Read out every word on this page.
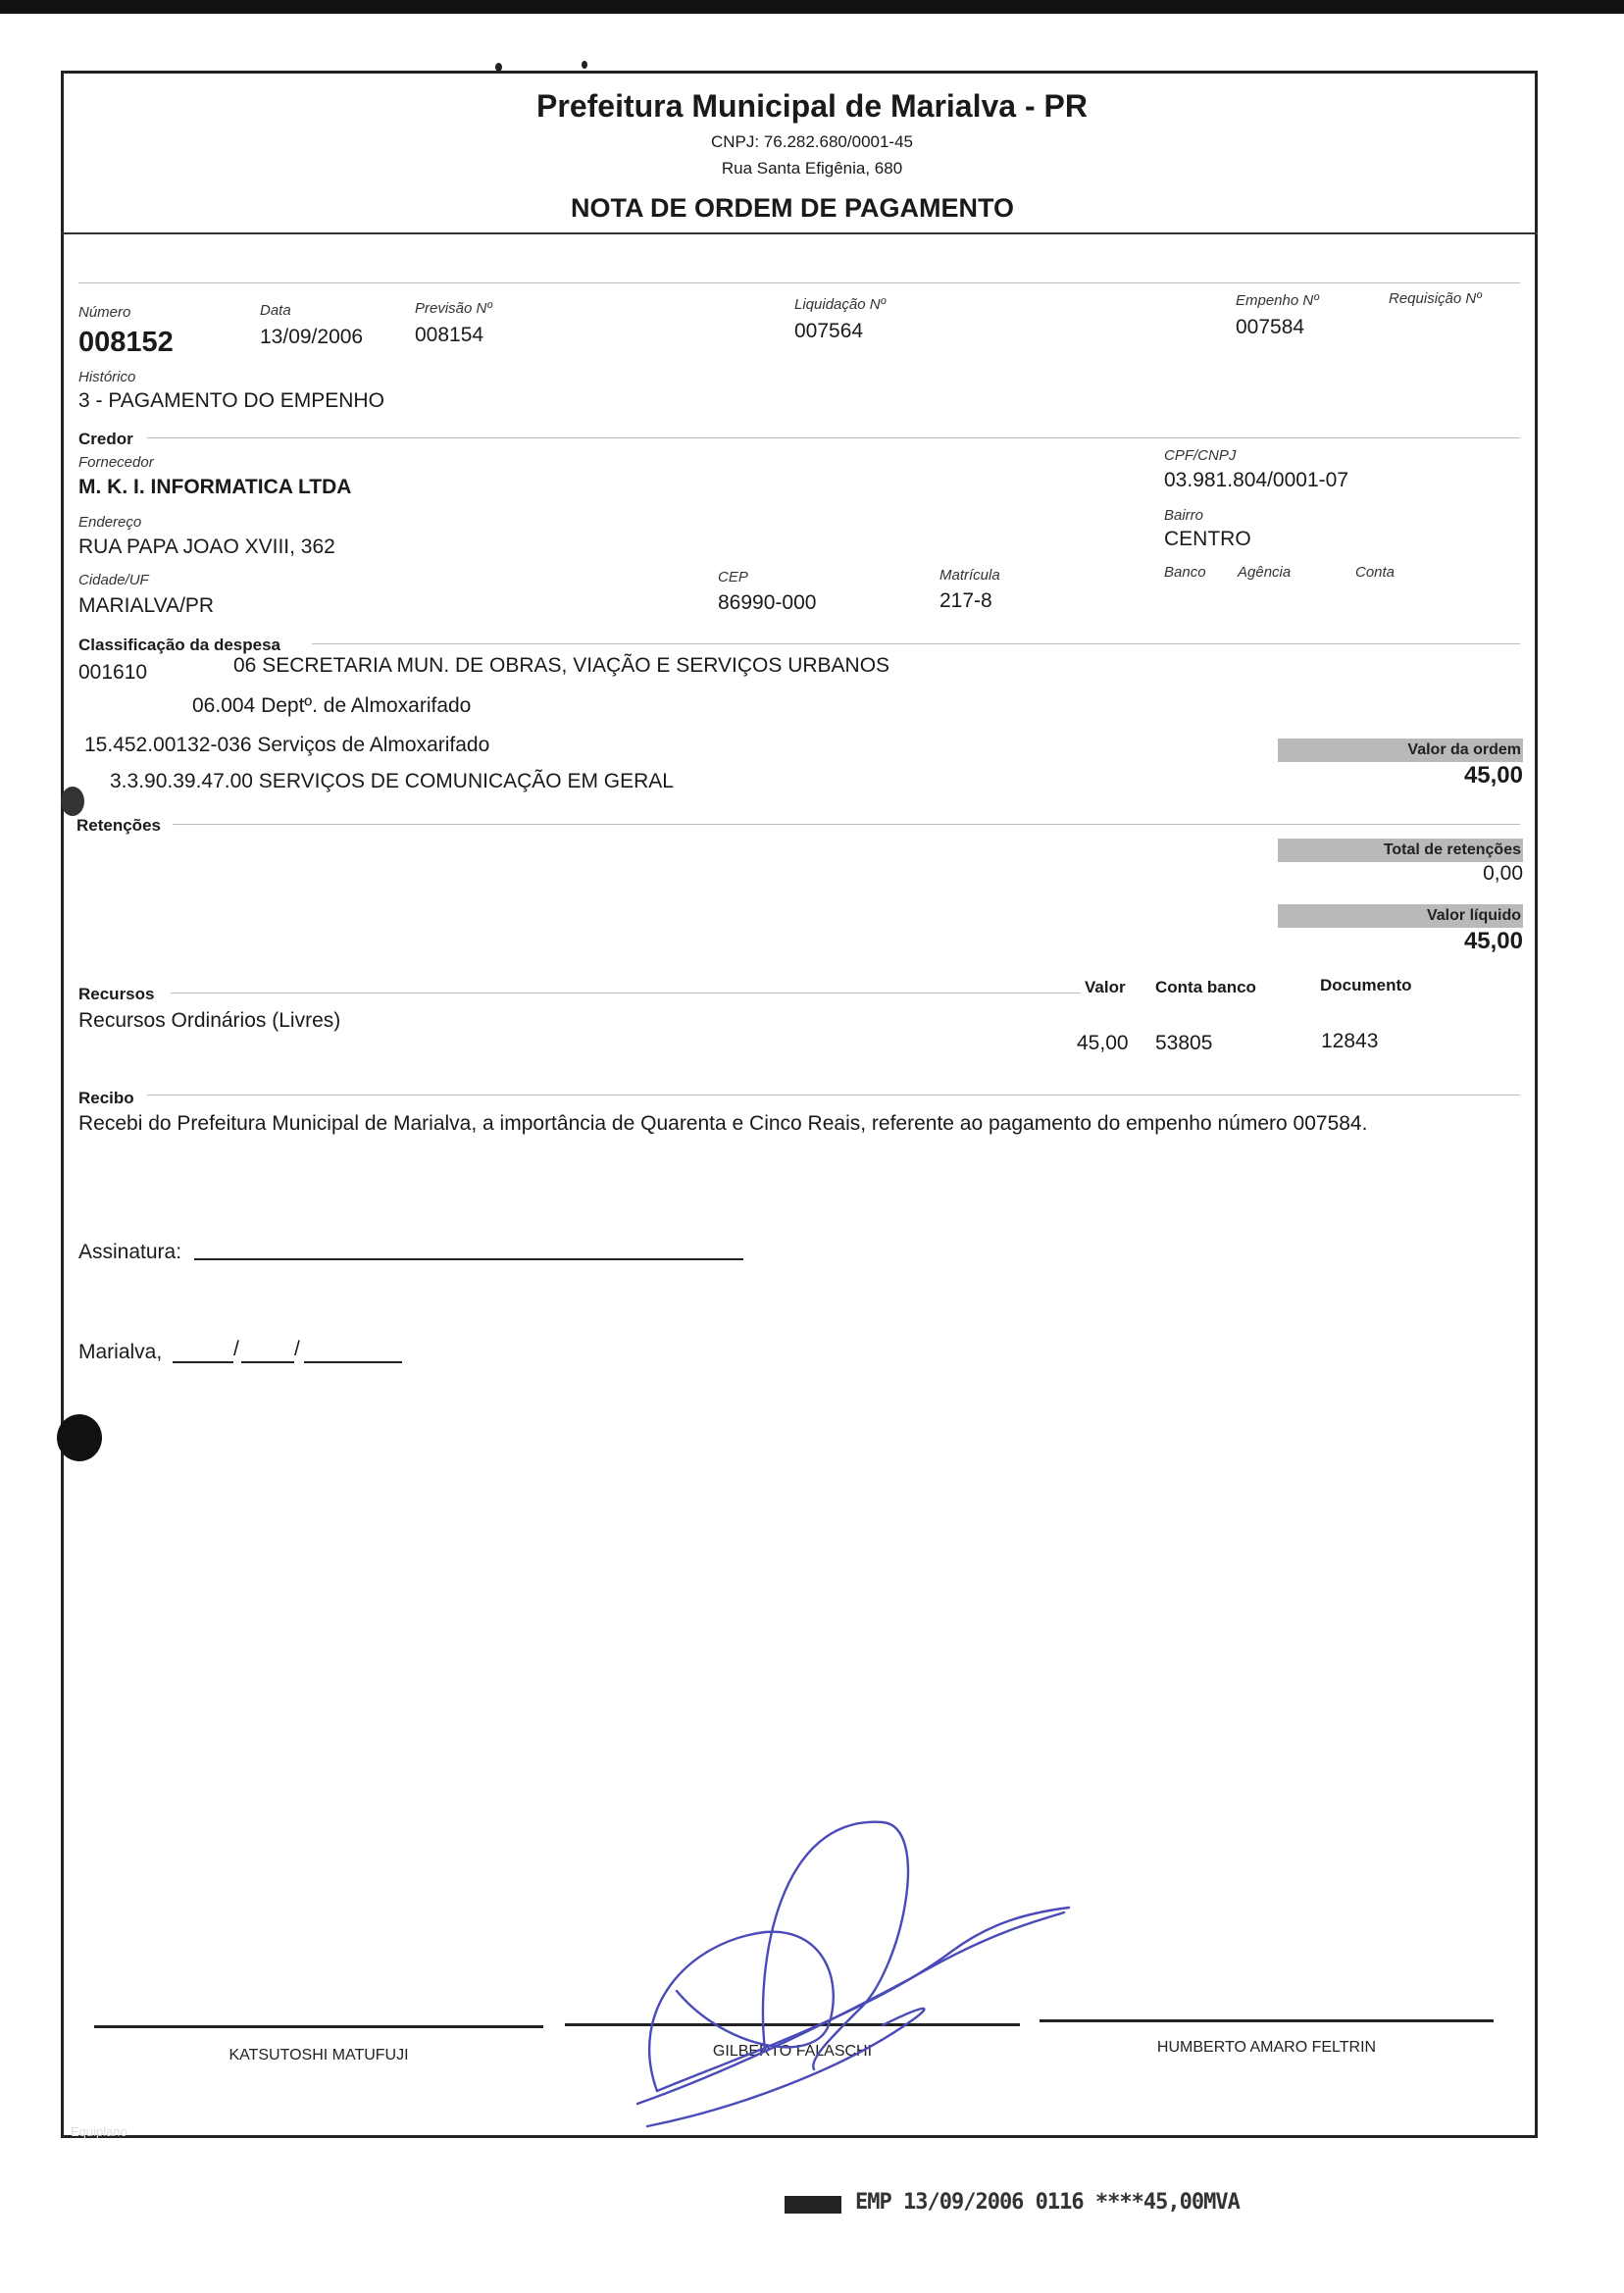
Prefeitura Municipal de Marialva - PR
CNPJ: 76.282.680/0001-45
Rua Santa Efigênia, 680
NOTA DE ORDEM DE PAGAMENTO
Número
008152
Data
13/09/2006
Previsão Nº
008154
Liquidação Nº
007564
Empenho Nº
007584
Requisição Nº
Histórico
3 - PAGAMENTO DO EMPENHO
Credor
Fornecedor
M. K. I. INFORMATICA LTDA
CPF/CNPJ
03.981.804/0001-07
Endereço
RUA PAPA JOAO XVIII, 362
Bairro
CENTRO
Cidade/UF
MARIALVA/PR
CEP
86990-000
Matrícula
217-8
Banco Agência	Conta
Classificação da despesa
001610	06 SECRETARIA MUN. DE OBRAS, VIAÇÃO E SERVIÇOS URBANOS
06.004 Deptº. de Almoxarifado
15.452.00132-036 Serviços de Almoxarifado
3.3.90.39.47.00 SERVIÇOS DE COMUNICAÇÃO EM GERAL
Valor da ordem
45,00
Retenções
Total de retenções
0,00
Valor líquido
45,00
Recursos	Valor Conta banco	Documento
Recursos Ordinários (Livres)
45,00 53805	12843
Recibo
Recebi do Prefeitura Municipal de Marialva, a importância de Quarenta e Cinco Reais, referente ao pagamento do empenho número 007584.
Assinatura:
Marialva,	/	/
KATSUTOSHI MATUFUJI	GILBERTO FALASCHI	HUMBERTO AMARO FELTRIN
Equiplano
EMP 13/09/2006 0116 ****45,00MVA
